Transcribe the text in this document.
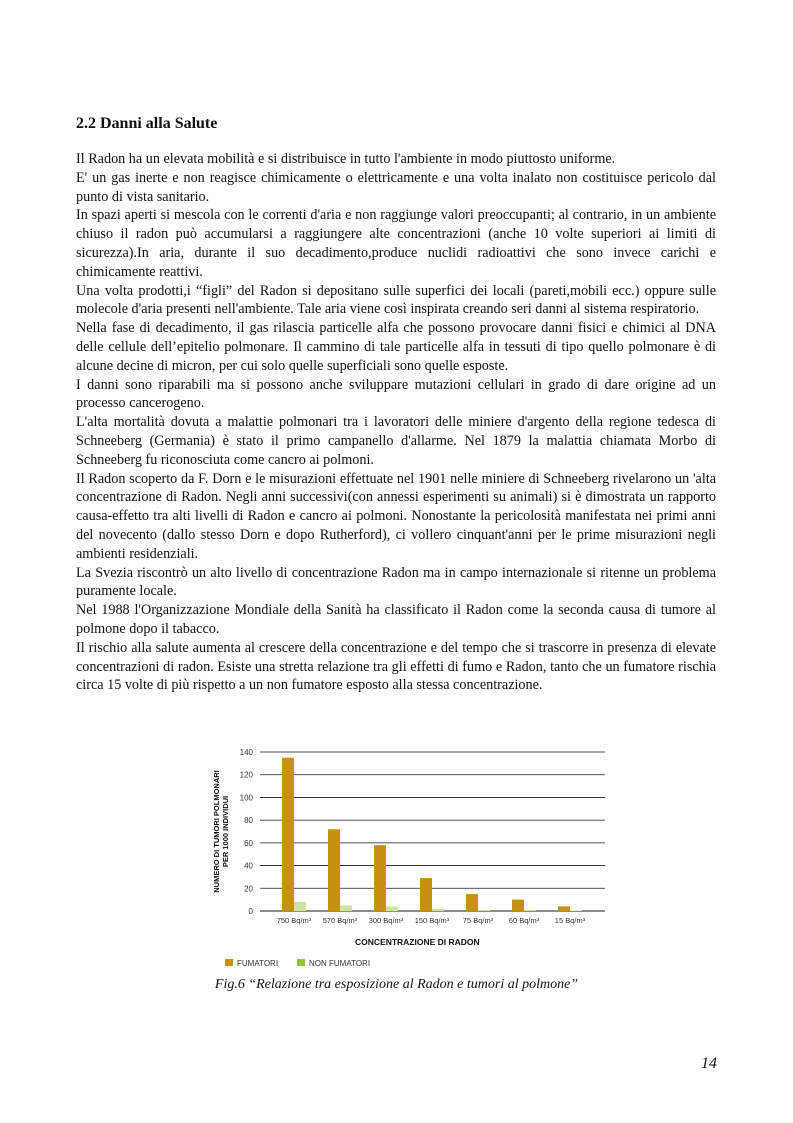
2.2 Danni alla Salute

Il Radon ha un elevata mobilità e si distribuisce in tutto l'ambiente in modo piuttosto uniforme.

E' un gas inerte e non reagisce chimicamente o elettricamente e una volta inalato non costituisce pericolo dal punto di vista sanitario.

In spazi aperti si mescola con le correnti d'aria e non raggiunge valori preoccupanti; al contrario, in un ambiente chiuso il radon può accumularsi a raggiungere alte concentrazioni (anche 10 volte superiori ai limiti di sicurezza).In aria, durante il suo decadimento,produce nuclidi radioattivi che sono invece carichi e chimicamente reattivi.

Una volta prodotti,i “figli” del Radon si depositano sulle superfici dei locali (pareti,mobili ecc.) oppure sulle molecole d'aria presenti nell'ambiente. Tale aria viene così inspirata creando seri danni al sistema respiratorio.

Nella fase di decadimento, il gas rilascia particelle alfa che possono provocare danni fisici e chimici al DNA delle cellule dell’epitelio polmonare. Il cammino di tale particelle alfa in tessuti di tipo quello polmonare è di alcune decine di micron, per cui solo quelle superficiali sono quelle esposte.

I danni sono riparabili ma si possono anche sviluppare mutazioni cellulari in grado di dare origine ad un processo cancerogeno.

L'alta mortalità dovuta a malattie polmonari tra i lavoratori delle miniere d'argento della regione tedesca di Schneeberg (Germania) è stato il primo campanello d'allarme. Nel 1879 la malattia chiamata Morbo di Schneeberg fu riconosciuta come cancro ai polmoni.

Il Radon scoperto da F. Dorn e le misurazioni effettuate nel 1901 nelle miniere di Schneeberg rivelarono un 'alta concentrazione di Radon. Negli anni successivi(con annessi esperimenti su animali) si è dimostrata un rapporto causa-effetto tra alti livelli di Radon e cancro ai polmoni. Nonostante la pericolosità manifestata nei primi anni del novecento (dallo stesso Dorn e dopo Rutherford), ci vollero cinquant'anni per le prime misurazioni negli ambienti residenziali.

La Svezia riscontrò un alto livello di concentrazione Radon ma in campo internazionale si ritenne un problema puramente locale.

Nel 1988 l'Organizzazione Mondiale della Sanità ha classificato il Radon come la seconda causa di tumore al polmone dopo il tabacco.

Il rischio alla salute aumenta al crescere della concentrazione e del tempo che si trascorre in presenza di elevate concentrazioni di radon. Esiste una stretta relazione tra gli effetti di fumo e Radon, tanto che un fumatore rischia circa 15 volte di più rispetto a un non fumatore esposto alla stessa concentrazione.

0
20
40
60
80
100
120
140
750 Bq/m³ 570 Bq/m³ 300 Bq/m³ 150 Bq/m³ 75 Bq/m³ 60 Bq/m³ 15 Bq/m³
NUMERO DI TUMORI POLMONARIPER 1000 INDIVIDUI
CONCENTRAZIONE DI RADON
FUMATORI	NON FUMATORI
Fig.6 “Relazione tra esposizione al Radon e tumori al polmone”
14
